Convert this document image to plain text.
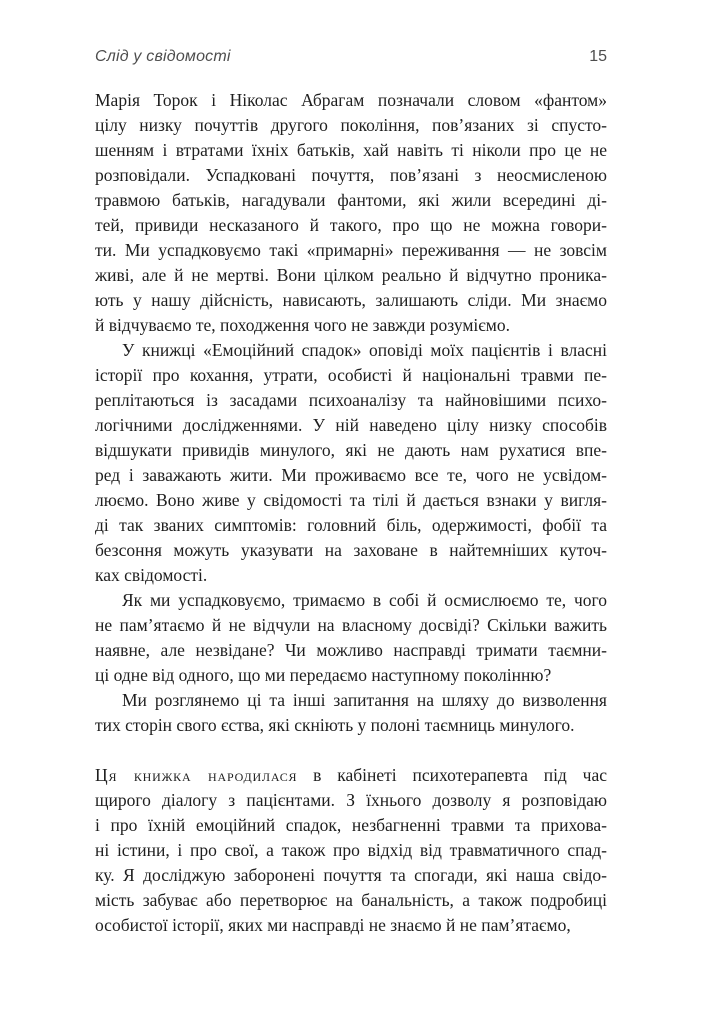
Слід у свідомості	15
Марія Торок і Ніколас Абрагам позначали словом «фантом»
цілу низку почуттів другого покоління, пов’язаних зі спусто-
шенням і втратами їхніх батьків, хай навіть ті ніколи про це не
розповідали. Успадковані почуття, пов’язані з неосмисленою
травмою батьків, нагадували фантоми, які жили всередині ді-
тей, привиди несказаного й такого, про що не можна говори-
ти. Ми успадковуємо такі «примарні» переживання — не зовсім
живі, але й не мертві. Вони цілком реально й відчутно проника-
ють у нашу дійсність, нависають, залишають сліди. Ми знаємо
й відчуваємо те, походження чого не завжди розуміємо.
У книжці «Емоційний спадок» оповіді моїх пацієнтів і власні
історії про кохання, утрати, особисті й національні травми пе-
реплітаються із засадами психоаналізу та найновішими психо-
логічними дослідженнями. У ній наведено цілу низку способів
відшукати привидів минулого, які не дають нам рухатися впе-
ред і заважають жити. Ми проживаємо все те, чого не усвідом-
люємо. Воно живе у свідомості та тілі й дається взнаки у вигля-
ді так званих симптомів: головний біль, одержимості, фобії та
безсоння можуть указувати на заховане в найтемніших куточ-
ках свідомості.
Як ми успадковуємо, тримаємо в собі й осмислюємо те, чого
не пам’ятаємо й не відчули на власному досвіді? Скільки важить
наявне, але незвідане? Чи можливо насправді тримати таємни-
ці одне від одного, що ми передаємо наступному поколінню?
Ми розглянемо ці та інші запитання на шляху до визволення
тих сторін свого єства, які скніють у полоні таємниць минулого.
Ця книжка народилася в кабінеті психотерапевта під час
щирого діалогу з пацієнтами. З їхнього дозволу я розповідаю
і про їхній емоційний спадок, незбагненні травми та прихова-
ні істини, і про свої, а також про відхід від травматичного спад-
ку. Я досліджую заборонені почуття та спогади, які наша свідо-
мість забуває або перетворює на банальність, а також подробиці
особистої історії, яких ми насправді не знаємо й не пам’ятаємо,
